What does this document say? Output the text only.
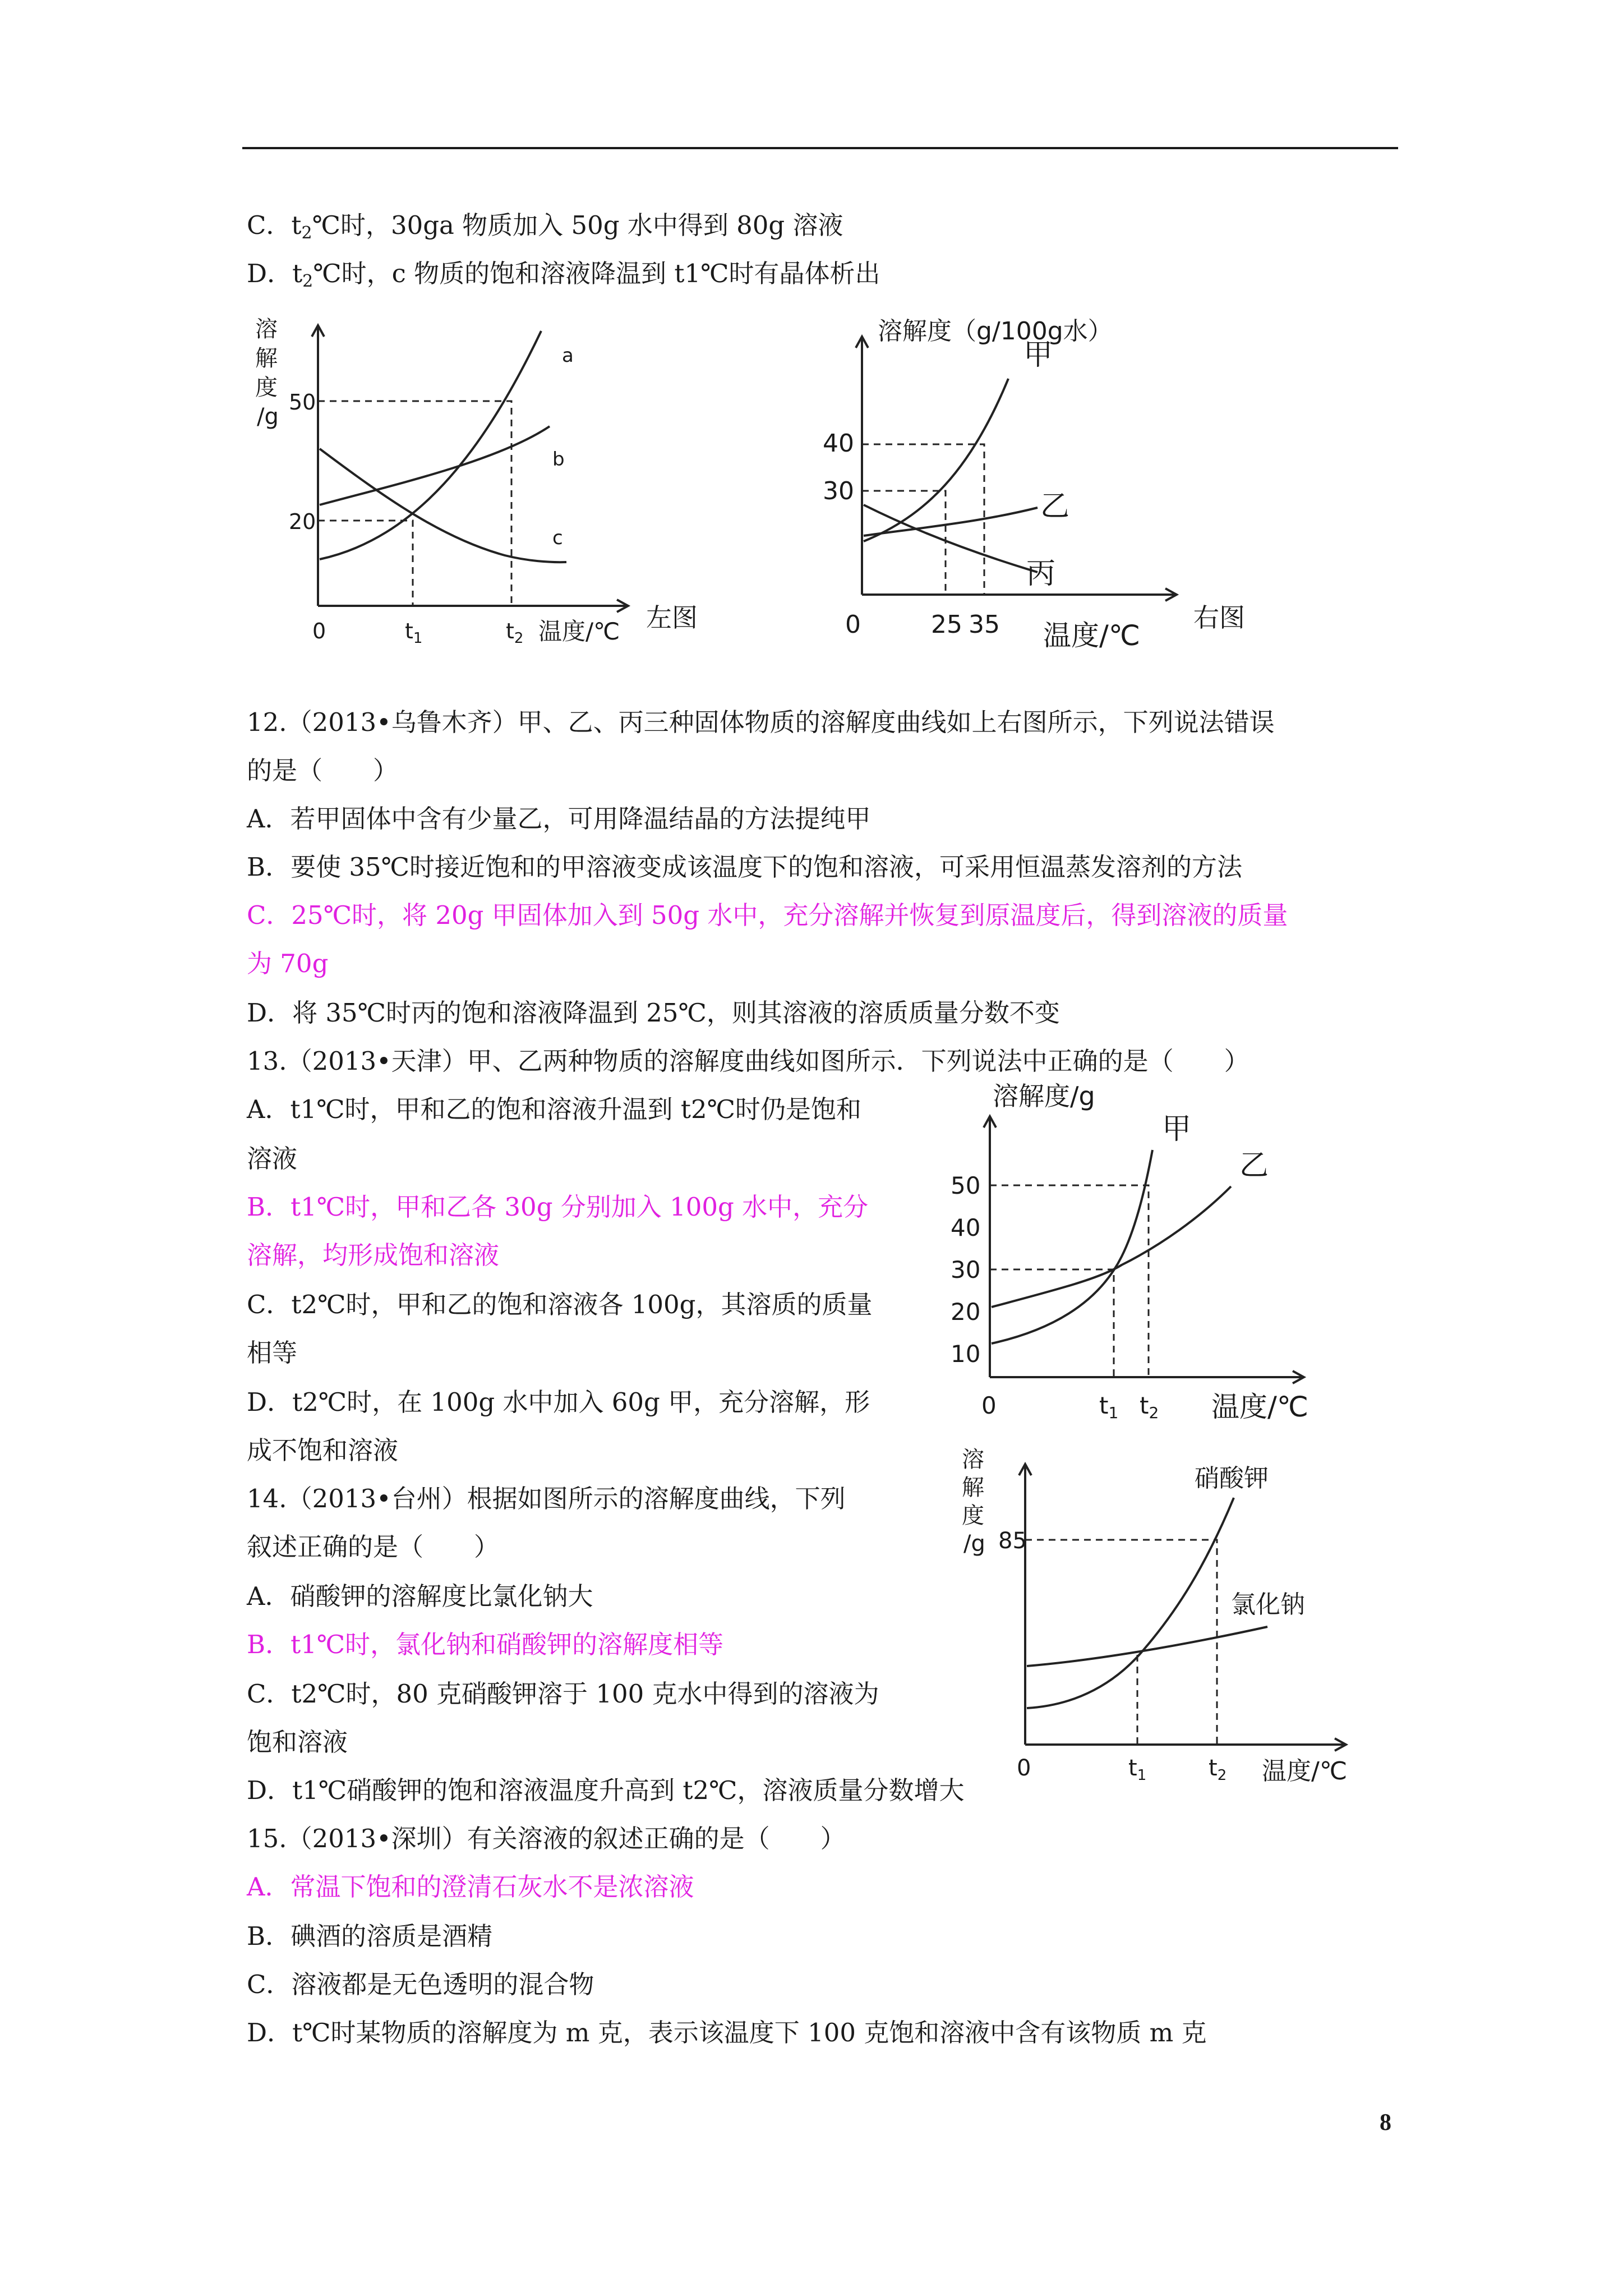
C．$t_2℃$时，30ga 物质加入 50g 水中得到 80g 溶液
D．$t_2℃$时，c 物质的饱和溶液降温到 t1℃时有晶体析出
溶
解
度
/g
50
20
0	$t_1$	$t_2$ 温度/℃
a
b
c
左图
溶解度（g/100g水）
40
30
0	25 35 温度/℃
甲
乙
丙
右图
12.（2013•乌鲁木齐）甲、乙、丙三种固体物质的溶解度曲线如上右图所示，下列说法错误
的是（　　）
A．若甲固体中含有少量乙，可用降温结晶的方法提纯甲
B．要使 35℃时接近饱和的甲溶液变成该温度下的饱和溶液，可采用恒温蒸发溶剂的方法
C．25℃时，将 20g 甲固体加入到 50g 水中，充分溶解并恢复到原温度后，得到溶液的质量
为 70g
D．将 35℃时丙的饱和溶液降温到 25℃，则其溶液的溶质质量分数不变
13.（2013•天津）甲、乙两种物质的溶解度曲线如图所示．下列说法中正确的是（　　）
A．t1℃时，甲和乙的饱和溶液升温到 t2℃时仍是饱和
溶液
B．t1℃时，甲和乙各 30g 分别加入 100g 水中，充分
溶解，均形成饱和溶液
C．t2℃时，甲和乙的饱和溶液各 100g，其溶质的质量
相等
D．t2℃时，在 100g 水中加入 60g 甲，充分溶解，形
成不饱和溶液
溶解度/g
50
40
30
20
10
0	t1 t2 温度/℃
甲
乙
14.（2013•台州）根据如图所示的溶解度曲线，下列
叙述正确的是（　　）
A．硝酸钾的溶解度比氯化钠大
B．t1℃时，氯化钠和硝酸钾的溶解度相等
C．t2℃时，80 克硝酸钾溶于 100 克水中得到的溶液为
饱和溶液
D．t1℃硝酸钾的饱和溶液温度升高到 t2℃，溶液质量分数增大
溶
解
度
/g 85
0	$t_1$	$t_2$ 温度/℃
硝酸钾
氯化钠
15.（2013•深圳）有关溶液的叙述正确的是（　　）
A．常温下饱和的澄清石灰水不是浓溶液
B．碘酒的溶质是酒精
C．溶液都是无色透明的混合物
D．t℃时某物质的溶解度为 m 克，表示该温度下 100 克饱和溶液中含有该物质 m 克
8
